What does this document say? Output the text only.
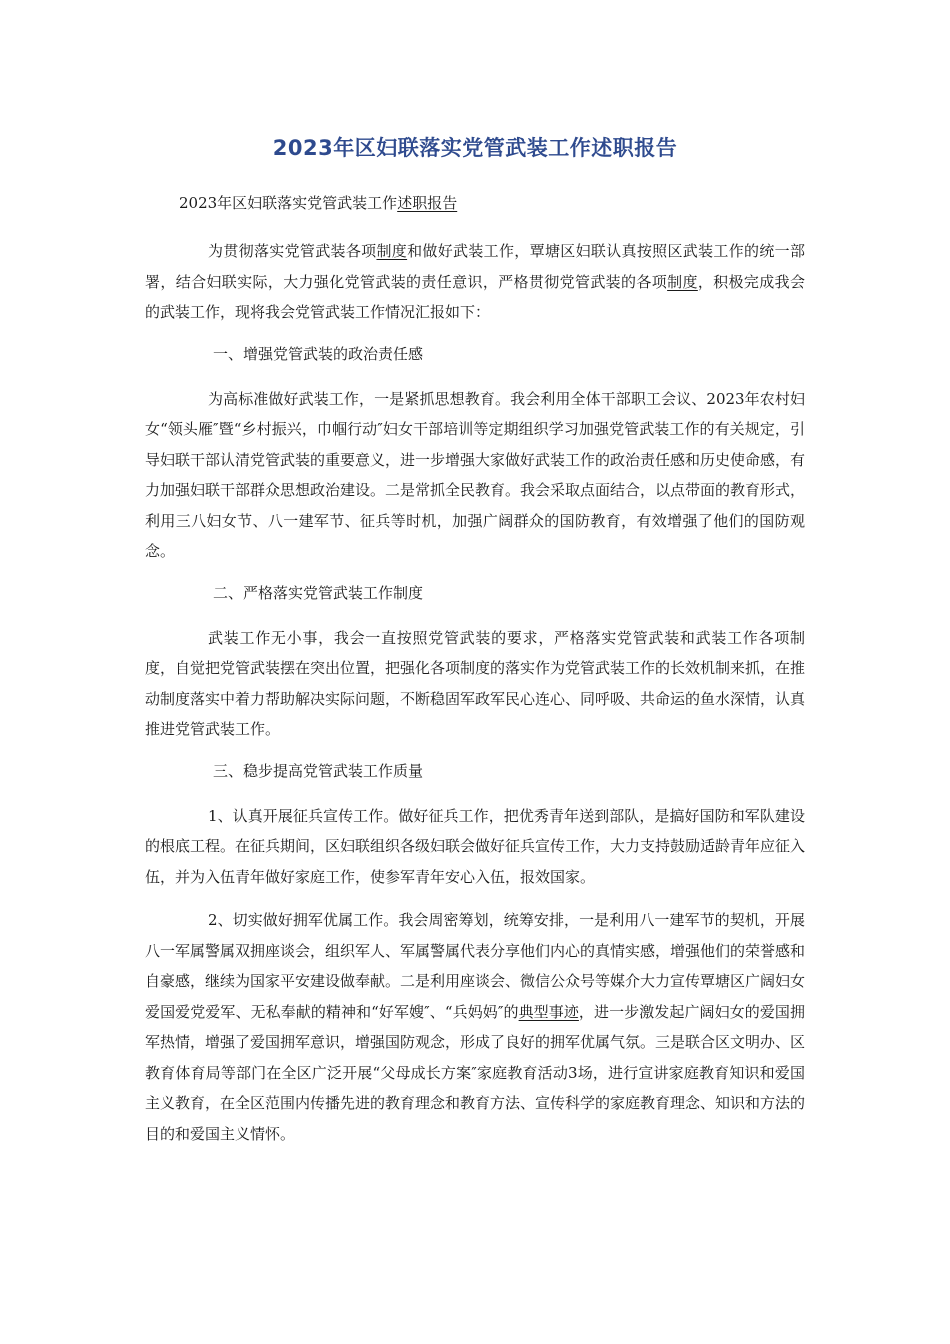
2023年区妇联落实党管武装工作述职报告
2023年区妇联落实党管武装工作述职报告
为贯彻落实党管武装各项制度和做好武装工作，覃塘区妇联认真按照区武装工作的统一部署，结合妇联实际，大力强化党管武装的责任意识，严格贯彻党管武装的各项制度，积极完成我会的武装工作，现将我会党管武装工作情况汇报如下：
一、增强党管武装的政治责任感
为高标准做好武装工作，一是紧抓思想教育。我会利用全体干部职工会议、2023年农村妇女“领头雁″暨“乡村振兴，巾帼行动″妇女干部培训等定期组织学习加强党管武装工作的有关规定，引导妇联干部认清党管武装的重要意义，进一步增强大家做好武装工作的政治责任感和历史使命感，有力加强妇联干部群众思想政治建设。二是常抓全民教育。我会采取点面结合，以点带面的教育形式，利用三八妇女节、八一建军节、征兵等时机，加强广阔群众的国防教育，有效增强了他们的国防观念。
二、严格落实党管武装工作制度
武装工作无小事，我会一直按照党管武装的要求，严格落实党管武装和武装工作各项制度，自觉把党管武装摆在突出位置，把强化各项制度的落实作为党管武装工作的长效机制来抓，在推动制度落实中着力帮助解决实际问题，不断稳固军政军民心连心、同呼吸、共命运的鱼水深情，认真推进党管武装工作。
三、稳步提高党管武装工作质量
1、认真开展征兵宣传工作。做好征兵工作，把优秀青年送到部队，是搞好国防和军队建设的根底工程。在征兵期间，区妇联组织各级妇联会做好征兵宣传工作，大力支持鼓励适龄青年应征入伍，并为入伍青年做好家庭工作，使参军青年安心入伍，报效国家。
2、切实做好拥军优属工作。我会周密筹划，统筹安排，一是利用八一建军节的契机，开展八一军属警属双拥座谈会，组织军人、军属警属代表分享他们内心的真情实感，增强他们的荣誉感和自豪感，继续为国家平安建设做奉献。二是利用座谈会、微信公众号等媒介大力宣传覃塘区广阔妇女爱国爱党爱军、无私奉献的精神和“好军嫂″、“兵妈妈″的典型事迹，进一步激发起广阔妇女的爱国拥军热情，增强了爱国拥军意识，增强国防观念，形成了良好的拥军优属气氛。三是联合区文明办、区教育体育局等部门在全区广泛开展“父母成长方案″家庭教育活动3场，进行宣讲家庭教育知识和爱国主义教育，在全区范围内传播先进的教育理念和教育方法、宣传科学的家庭教育理念、知识和方法的目的和爱国主义情怀。
